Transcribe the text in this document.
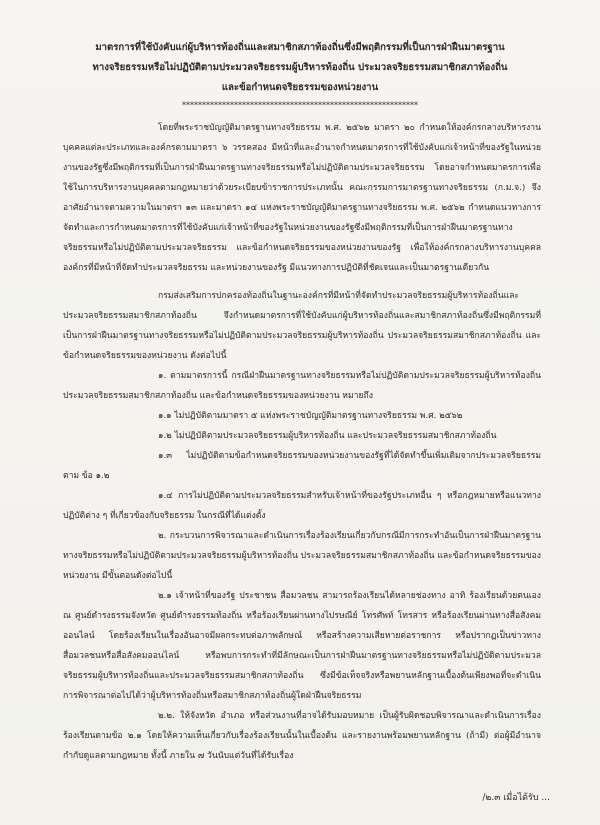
มาตรการที่ใช้บังคับแก่ผู้บริหารท้องถิ่นและสมาชิกสภาท้องถิ่นซึ่งมีพฤติกรรมที่เป็นการฝ่าฝืนมาตรฐาน
ทางจริยธรรมหรือไม่ปฏิบัติตามประมวลจริยธรรมผู้บริหารท้องถิ่น ประมวลจริยธรรมสมาชิกสภาท้องถิ่น
และข้อกำหนดจริยธรรมของหน่วยงาน
***********************************************************

โดยที่พระราชบัญญัติมาตรฐานทางจริยธรรม พ.ศ. ๒๕๖๒ มาตรา ๒๐ กำหนดให้องค์กรกลางบริหารงานบุคคลแต่ละประเภทและองค์กรตามมาตรา ๖ วรรคสอง มีหน้าที่และอำนาจกำหนดมาตรการที่ใช้บังคับแก่เจ้าหน้าที่ของรัฐในหน่วยงานของรัฐซึ่งมีพฤติกรรมที่เป็นการฝ่าฝืนมาตรฐานทางจริยธรรมหรือไม่ปฏิบัติตามประมวลจริยธรรม โดยอาจกำหนดมาตรการเพื่อใช้ในการบริหารงานบุคคลตามกฎหมายว่าด้วยระเบียบข้าราชการประเภทนั้น คณะกรรมการมาตรฐานทางจริยธรรม (ก.ม.จ.) จึงอาศัยอำนาจตามความในมาตรา ๑๓ และมาตรา ๑๔ แห่งพระราชบัญญัติมาตรฐานทางจริยธรรม พ.ศ. ๒๕๖๒ กำหนดแนวทางการจัดทำและการกำหนดมาตรการที่ใช้บังคับแก่เจ้าหน้าที่ของรัฐในหน่วยงานของรัฐซึ่งมีพฤติกรรมที่เป็นการฝ่าฝืนมาตรฐานทางจริยธรรมหรือไม่ปฏิบัติตามประมวลจริยธรรม และข้อกำหนดจริยธรรมของหน่วยงานของรัฐ เพื่อให้องค์กรกลางบริหารงานบุคคล องค์กรที่มีหน้าที่จัดทำประมวลจริยธรรม และหน่วยงานของรัฐ มีแนวทางการปฏิบัติที่ชัดเจนและเป็นมาตรฐานเดียวกัน

กรมส่งเสริมการปกครองท้องถิ่นในฐานะองค์กรที่มีหน้าที่จัดทำประมวลจริยธรรมผู้บริหารท้องถิ่นและประมวลจริยธรรมสมาชิกสภาท้องถิ่น จึงกำหนดมาตรการที่ใช้บังคับแก่ผู้บริหารท้องถิ่นและสมาชิกสภาท้องถิ่นซึ่งมีพฤติกรรมที่เป็นการฝ่าฝืนมาตรฐานทางจริยธรรมหรือไม่ปฏิบัติตามประมวลจริยธรรมผู้บริหารท้องถิ่น ประมวลจริยธรรมสมาชิกสภาท้องถิ่น และข้อกำหนดจริยธรรมของหน่วยงาน ดังต่อไปนี้

๑. ตามมาตรการนี้ กรณีฝ่าฝืนมาตรฐานทางจริยธรรมหรือไม่ปฏิบัติตามประมวลจริยธรรมผู้บริหารท้องถิ่น ประมวลจริยธรรมสมาชิกสภาท้องถิ่น และข้อกำหนดจริยธรรมของหน่วยงาน หมายถึง

๑.๑ ไม่ปฏิบัติตามมาตรา ๕ แห่งพระราชบัญญัติมาตรฐานทางจริยธรรม พ.ศ. ๒๕๖๒

๑.๒ ไม่ปฏิบัติตามประมวลจริยธรรมผู้บริหารท้องถิ่น และประมวลจริยธรรมสมาชิกสภาท้องถิ่น

๑.๓ ไม่ปฏิบัติตามข้อกำหนดจริยธรรมของหน่วยงานของรัฐที่ได้จัดทำขึ้นเพิ่มเติมจากประมวลจริยธรรมตาม ข้อ ๑.๒

๑.๔ การไม่ปฏิบัติตามประมวลจริยธรรมสำหรับเจ้าหน้าที่ของรัฐประเภทอื่น ๆ หรือกฎหมายหรือแนวทางปฏิบัติต่าง ๆ ที่เกี่ยวข้องกับจริยธรรม ในกรณีที่ได้แต่งตั้ง

๒. กระบวนการพิจารณาและดำเนินการเรื่องร้องเรียนเกี่ยวกับกรณีมีการกระทำอันเป็นการฝ่าฝืนมาตรฐานทางจริยธรรมหรือไม่ปฏิบัติตามประมวลจริยธรรมผู้บริหารท้องถิ่น ประมวลจริยธรรมสมาชิกสภาท้องถิ่น และข้อกำหนดจริยธรรมของหน่วยงาน มีขั้นตอนดังต่อไปนี้

๒.๑ เจ้าหน้าที่ของรัฐ ประชาชน สื่อมวลชน สามารถร้องเรียนได้หลายช่องทาง อาทิ ร้องเรียนด้วยตนเอง ณ ศูนย์ดำรงธรรมจังหวัด ศูนย์ดำรงธรรมท้องถิ่น หรือร้องเรียนผ่านทางไปรษณีย์ โทรศัพท์ โทรสาร หรือร้องเรียนผ่านทางสื่อสังคมออนไลน์ โดยร้องเรียนในเรื่องอันอาจมีผลกระทบต่อภาพลักษณ์ หรือสร้างความเสียหายต่อราชการ หรือปรากฏเป็นข่าวทางสื่อมวลชนหรือสื่อสังคมออนไลน์ หรือพบการกระทำที่มีลักษณะเป็นการฝ่าฝืนมาตรฐานทางจริยธรรมหรือไม่ปฏิบัติตามประมวลจริยธรรมผู้บริหารท้องถิ่นและประมวลจริยธรรมสมาชิกสภาท้องถิ่น ซึ่งมีข้อเท็จจริงหรือพยานหลักฐานเบื้องต้นเพียงพอที่จะดำเนินการพิจารณาต่อไปได้ว่าผู้บริหารท้องถิ่นหรือสมาชิกสภาท้องถิ่นผู้ใดฝ่าฝืนจริยธรรม

๒.๒. ให้จังหวัด อำเภอ หรือส่วนงานที่อาจได้รับมอบหมาย เป็นผู้รับผิดชอบพิจารณาและดำเนินการเรื่องร้องเรียนตามข้อ ๒.๑ โดยให้ความเห็นเกี่ยวกับเรื่องร้องเรียนนั้นในเบื้องต้น และรายงานพร้อมพยานหลักฐาน (ถ้ามี) ต่อผู้มีอำนาจกำกับดูแลตามกฎหมาย ทั้งนี้ ภายใน ๗ วันนับแต่วันที่ได้รับเรื่อง

/๒.๓ เมื่อได้รับ ...
